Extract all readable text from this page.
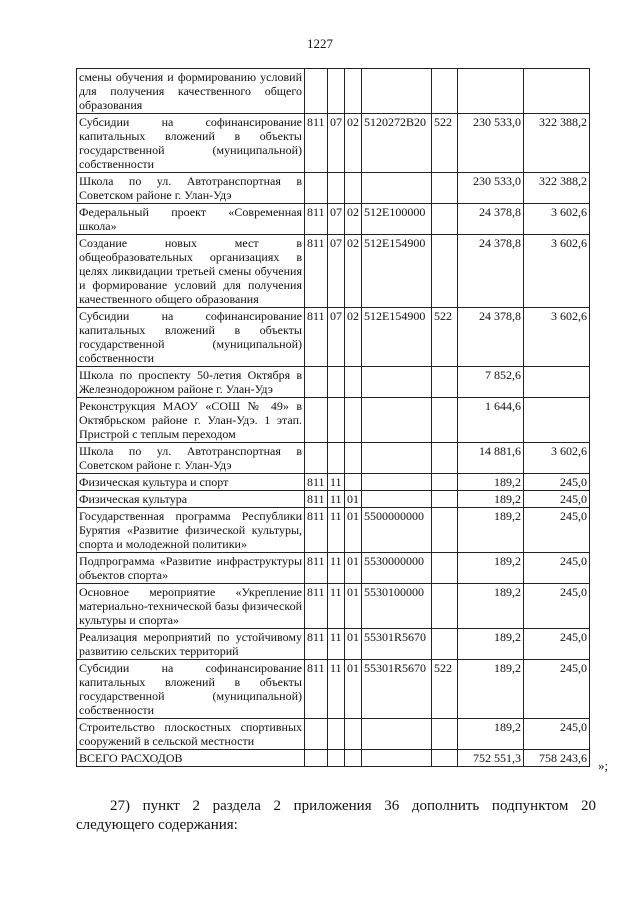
1227
смены обучения и формированию условий для получения качественного общего образования							
Субсидии на софинансирование капитальных вложений в объекты государственной (муниципальной) собственности	811	07	02	5120272В20	522	230 533,0	322 388,2
Школа по ул. Автотранспортная в Советском районе г. Улан-Удэ						230 533,0	322 388,2
Федеральный проект «Современная школа»	811	07	02	512Е100000		24 378,8	3 602,6
Создание новых мест в общеобразовательных организациях в целях ликвидации третьей смены обучения и формирование условий для получения качественного общего образования	811	07	02	512Е154900		24 378,8	3 602,6
Субсидии на софинансирование капитальных вложений в объекты государственной (муниципальной) собственности	811	07	02	512Е154900	522	24 378,8	3 602,6
Школа по проспекту 50-летия Октября в Железнодорожном районе г. Улан-Удэ						7 852,6	
Реконструкция МАОУ «СОШ № 49» в Октябрьском районе г. Улан-Удэ. 1 этап. Пристрой с теплым переходом						1 644,6	
Школа по ул. Автотранспортная в Советском районе г. Улан-Удэ						14 881,6	3 602,6
Физическая культура и спорт	811	11				189,2	245,0
Физическая культура	811	11	01			189,2	245,0
Государственная программа Республики Бурятия «Развитие физической культуры, спорта и молодежной политики»	811	11	01	5500000000		189,2	245,0
Подпрограмма «Развитие инфраструктуры объектов спорта»	811	11	01	5530000000		189,2	245,0
Основное мероприятие «Укрепление материально-технической базы физической культуры и спорта»	811	11	01	5530100000		189,2	245,0
Реализация мероприятий по устойчивому развитию сельских территорий	811	11	01	55301R5670		189,2	245,0
Субсидии на софинансирование капитальных вложений в объекты государственной (муниципальной) собственности	811	11	01	55301R5670	522	189,2	245,0
Строительство плоскостных спортивных сооружений в сельской местности						189,2	245,0
ВСЕГО РАСХОДОВ						752 551,3	758 243,6 »;
27) пункт 2 раздела 2 приложения 36 дополнить подпунктом 20 следующего содержания:
